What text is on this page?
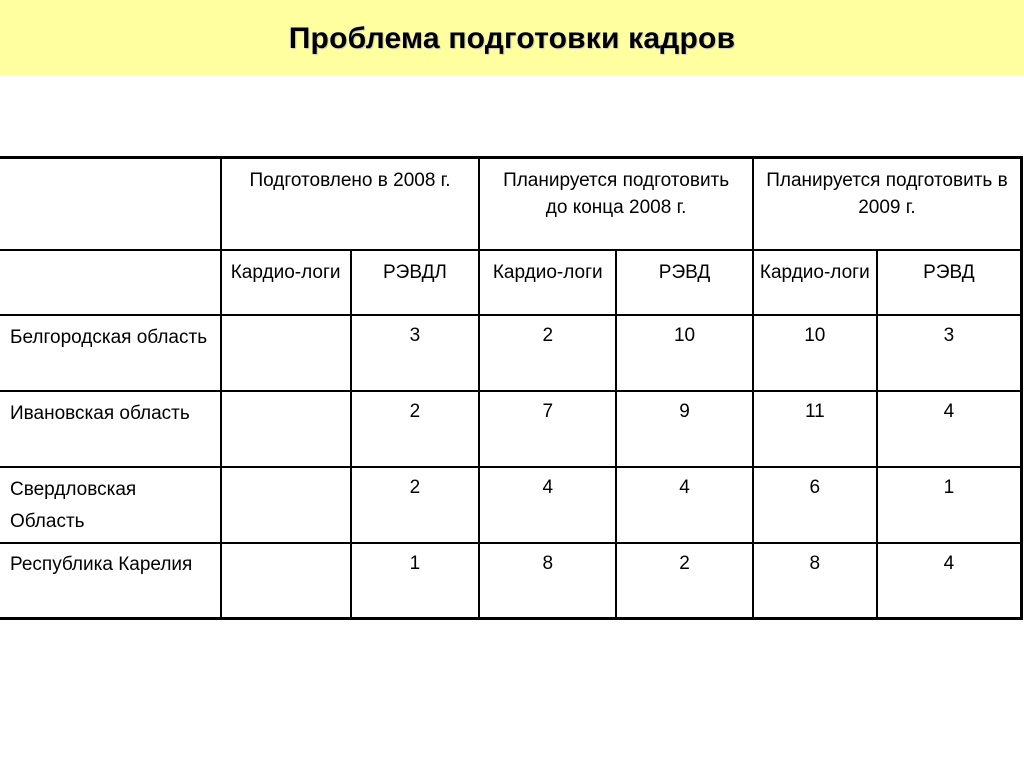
Проблема подготовки кадров
	Подготовлено в 2008 г.		Планируется подготовить до конца 2008 г.		Планируется подготовить в 2009 г.	
	Кардио-логи	РЭВДЛ	Кардио-логи	РЭВД	Кардио-логи	РЭВД
Белгородская область		3	2	10	10	3
Ивановская область		2	7	9	11	4
Свердловская Область		2	4	4	6	1
Республика Карелия		1	8	2	8	4
